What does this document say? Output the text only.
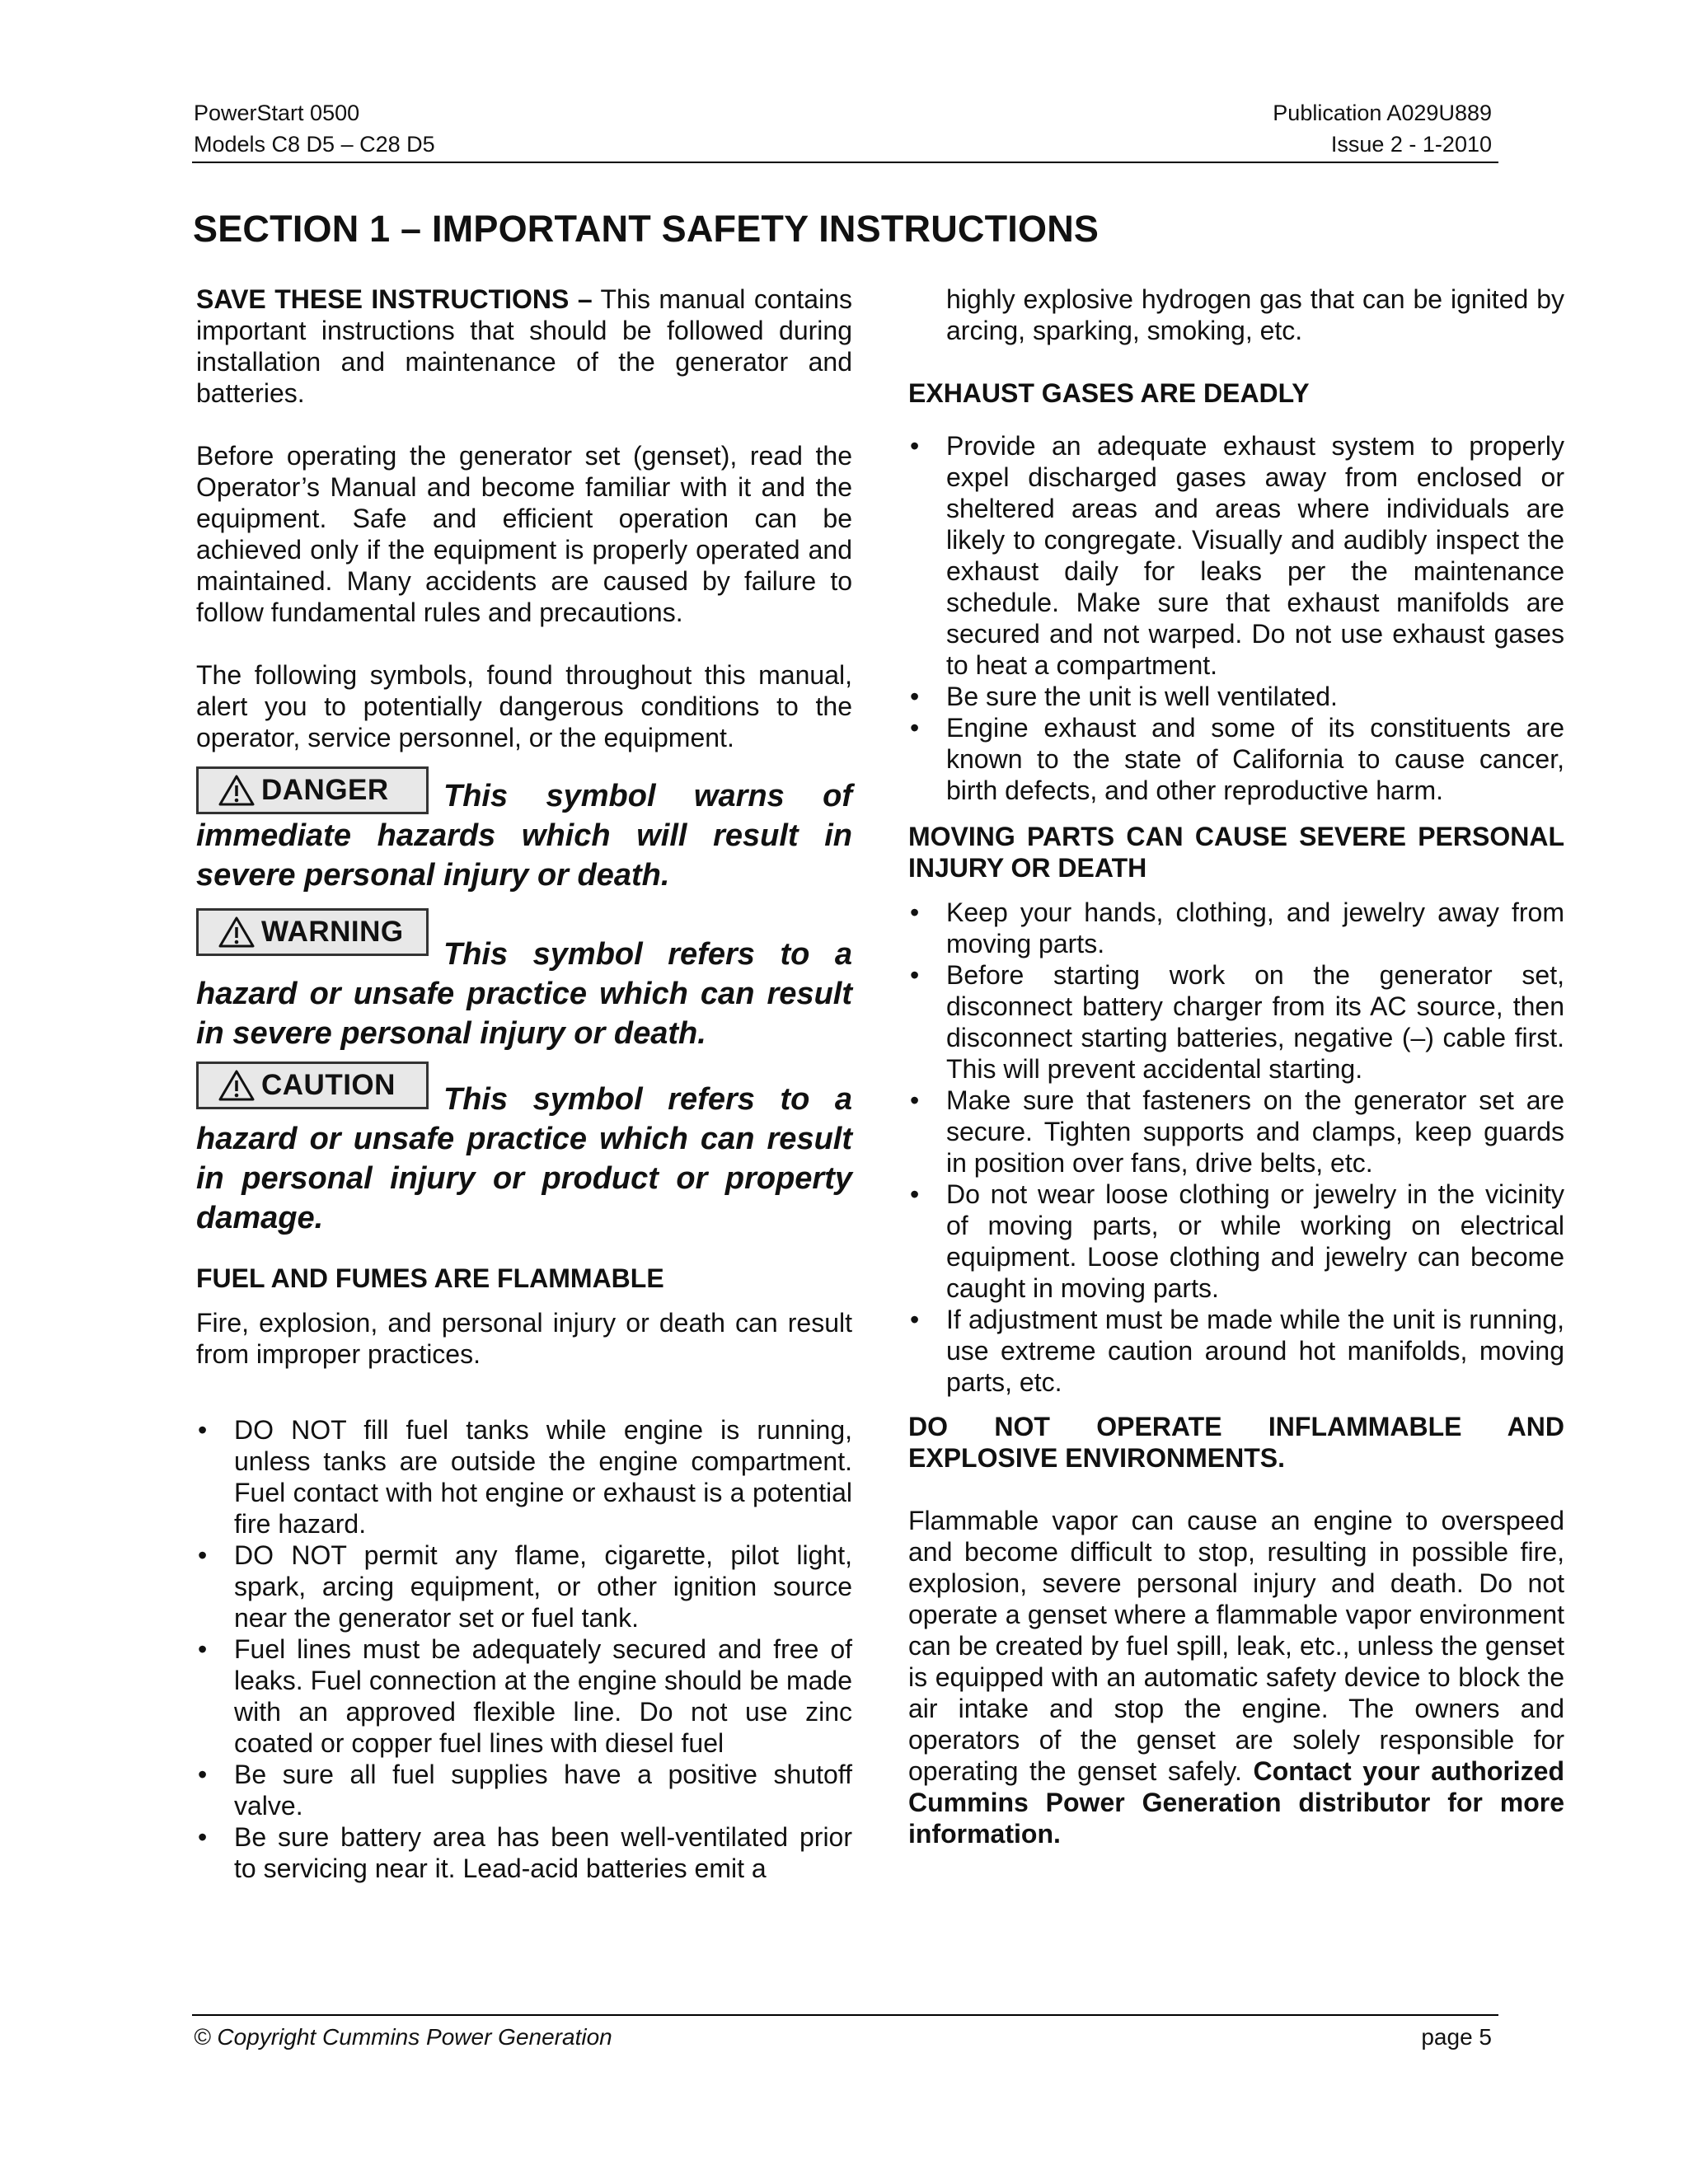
PowerStart 0500
Models C8 D5 – C28 D5
Publication A029U889
Issue 2 - 1-2010
SECTION 1 – IMPORTANT SAFETY INSTRUCTIONS

SAVE THESE INSTRUCTIONS – This manual contains important instructions that should be followed during installation and maintenance of the generator and batteries.

Before operating the generator set (genset), read the Operator’s Manual and become familiar with it and the equipment. Safe and efficient operation can be achieved only if the equipment is properly operated and maintained. Many accidents are caused by failure to follow fundamental rules and precautions.

The following symbols, found throughout this manual, alert you to potentially dangerous conditions to the operator, service personnel, or the equipment.

DANGER	This symbol warns of immediate hazards which will result in severe personal injury or death.
WARNING
This symbol refers to a hazard or unsafe practice which can result in severe personal injury or death.
CAUTION	This symbol refers to a hazard or unsafe practice which can result in personal injury or product or property damage.

FUEL AND FUMES ARE FLAMMABLE

Fire, explosion, and personal injury or death can result from improper practices.

• DO NOT fill fuel tanks while engine is running, unless tanks are outside the engine compartment. Fuel contact with hot engine or exhaust is a potential fire hazard.
• DO NOT permit any flame, cigarette, pilot light, spark, arcing equipment, or other ignition source near the generator set or fuel tank.
• Fuel lines must be adequately secured and free of leaks. Fuel connection at the engine should be made with an approved flexible line. Do not use zinc coated or copper fuel lines with diesel fuel
• Be sure all fuel supplies have a positive shutoff valve.
• Be sure battery area has been well-ventilated prior to servicing near it. Lead-acid batteries emit a

highly explosive hydrogen gas that can be ignited by arcing, sparking, smoking, etc.

EXHAUST GASES ARE DEADLY

• Provide an adequate exhaust system to properly expel discharged gases away from enclosed or sheltered areas and areas where individuals are likely to congregate. Visually and audibly inspect the exhaust daily for leaks per the maintenance schedule. Make sure that exhaust manifolds are secured and not warped. Do not use exhaust gases to heat a compartment.
• Be sure the unit is well ventilated.
• Engine exhaust and some of its constituents are known to the state of California to cause cancer, birth defects, and other reproductive harm.

MOVING PARTS CAN CAUSE SEVERE PERSONAL INJURY OR DEATH

• Keep your hands, clothing, and jewelry away from moving parts.
• Before starting work on the generator set, disconnect battery charger from its AC source, then disconnect starting batteries, negative (–) cable first. This will prevent accidental starting.
• Make sure that fasteners on the generator set are secure. Tighten supports and clamps, keep guards in position over fans, drive belts, etc.
• Do not wear loose clothing or jewelry in the vicinity of moving parts, or while working on electrical equipment. Loose clothing and jewelry can become caught in moving parts.
• If adjustment must be made while the unit is running, use extreme caution around hot manifolds, moving parts, etc.

DO NOT OPERATE INFLAMMABLE AND EXPLOSIVE ENVIRONMENTS.

Flammable vapor can cause an engine to overspeed and become difficult to stop, resulting in possible fire, explosion, severe personal injury and death. Do not operate a genset where a flammable vapor environment can be created by fuel spill, leak, etc., unless the genset is equipped with an automatic safety device to block the air intake and stop the engine. The owners and operators of the genset are solely responsible for operating the genset safely. Contact your authorized Cummins Power Generation distributor for more information.

© Copyright Cummins Power Generation	page 5
